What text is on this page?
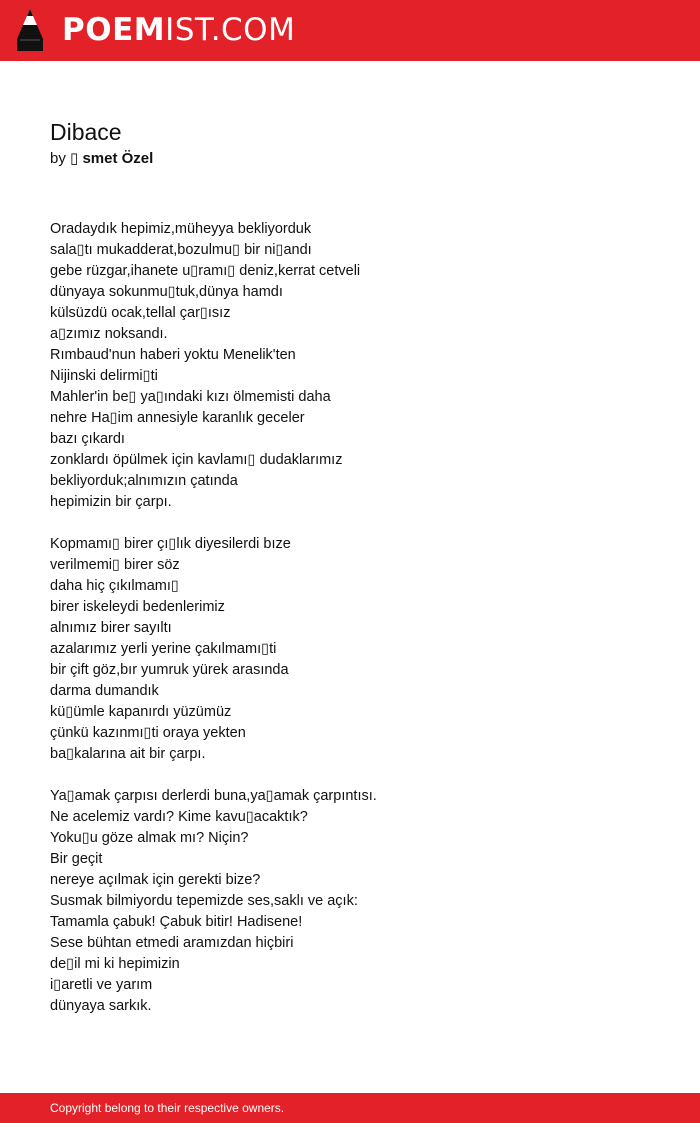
POEMIST.COM
Dibace
by ▯ smet Özel
Oradaydık hepimiz,müheyya bekliyorduk
sala▯tı mukadderat,bozulmu▯ bir ni▯andı
gebe rüzgar,ihanete u▯ramı▯ deniz,kerrat cetveli
dünyaya sokunmu▯tuk,dünya hamdı
külsüzdü ocak,tellal çar▯ısız
a▯zımız noksandı.
Rımbaud'nun haberi yoktu Menelik'ten
Nijinski delirmi▯ti
Mahler'in be▯ ya▯ındaki kızı ölmemisti daha
nehre Ha▯im annesiyle karanlık geceler
bazı çıkardı
zonklardı öpülmek için kavlamı▯ dudaklarımız
bekliyorduk;alnımızın çatında
hepimizin bir çarpı.
Kopmamı▯ birer çı▯lık diyesilerdi bıze
verilmemi▯ birer söz
daha hiç çıkılmamı▯
birer iskeleydi bedenlerimiz
alnımız birer sayıltı
azalarımız yerli yerine çakılmamı▯ti
bir çift göz,bır yumruk yürek arasında
darma dumandık
kü▯ümle kapanırdı yüzümüz
çünkü kazınmı▯ti oraya yekten
ba▯kalarına ait bir çarpı.
Ya▯amak çarpısı derlerdi buna,ya▯amak çarpıntısı.
Ne acelemiz vardı? Kime kavu▯acaktık?
Yoku▯u göze almak mı? Niçin?
Bir geçit
nereye açılmak için gerekti bize?
Susmak bilmiyordu tepemizde ses,saklı ve açık:
Tamamla çabuk! Çabuk bitir! Hadisene!
Sese bühtan etmedi aramızdan hiçbiri
de▯il mi ki hepimizin
i▯aretli ve yarım
dünyaya sarkık.
Copyright belong to their respective owners.
